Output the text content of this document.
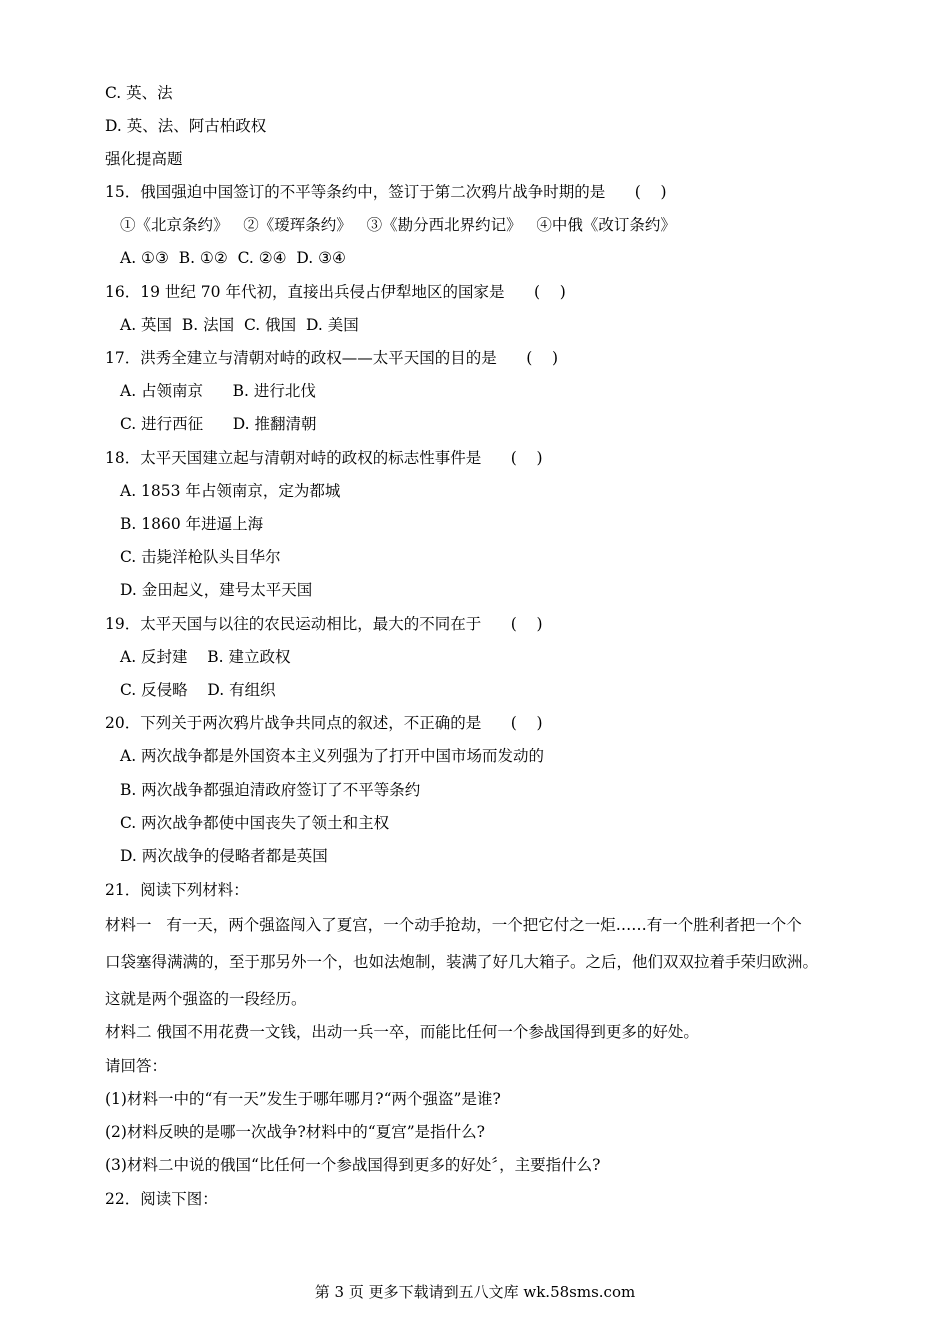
C. 英、法
D. 英、法、阿古柏政权
强化提高题
15．俄国强迫中国签订的不平等条约中，签订于第二次鸦片战争时期的是      (    )
①《北京条约》   ②《瑷珲条约》   ③《勘分西北界约记》   ④中俄《改订条约》
A. ①③  B. ①②  C. ②④  D. ③④
16．19 世纪 70 年代初，直接出兵侵占伊犁地区的国家是      (    )
A. 英国  B. 法国  C. 俄国  D. 美国
17．洪秀全建立与清朝对峙的政权——太平天国的目的是      (    )
A. 占领南京      B. 进行北伐
C. 进行西征      D. 推翻清朝
18．太平天国建立起与清朝对峙的政权的标志性事件是      (    )
A. 1853 年占领南京，定为都城
B. 1860 年进逼上海
C. 击毙洋枪队头目华尔
D. 金田起义，建号太平天国
19．太平天国与以往的农民运动相比，最大的不同在于      (    )
A. 反封建    B. 建立政权
C. 反侵略    D. 有组织
20．下列关于两次鸦片战争共同点的叙述，不正确的是      (    )
A. 两次战争都是外国资本主义列强为了打开中国市场而发动的
B. 两次战争都强迫清政府签订了不平等条约
C. 两次战争都使中国丧失了领土和主权
D. 两次战争的侵略者都是英国
21．阅读下列材料：
材料一   有一天，两个强盗闯入了夏宫，一个动手抢劫，一个把它付之一炬……有一个胜利者把一个个
口袋塞得满满的，至于那另外一个，也如法炮制，装满了好几大箱子。之后，他们双双拉着手荣归欧洲。
这就是两个强盗的一段经历。
材料二 俄国不用花费一文钱，出动一兵一卒，而能比任何一个参战国得到更多的好处。
请回答：
(1)材料一中的“有一天”发生于哪年哪月?“两个强盗”是谁?
(2)材料反映的是哪一次战争?材料中的“夏宫”是指什么?
(3)材料二中说的俄国“比任何一个参战国得到更多的好处〞，主要指什么?
22．阅读下图：
第 3 页 更多下载请到五八文库 wk.58sms.com
